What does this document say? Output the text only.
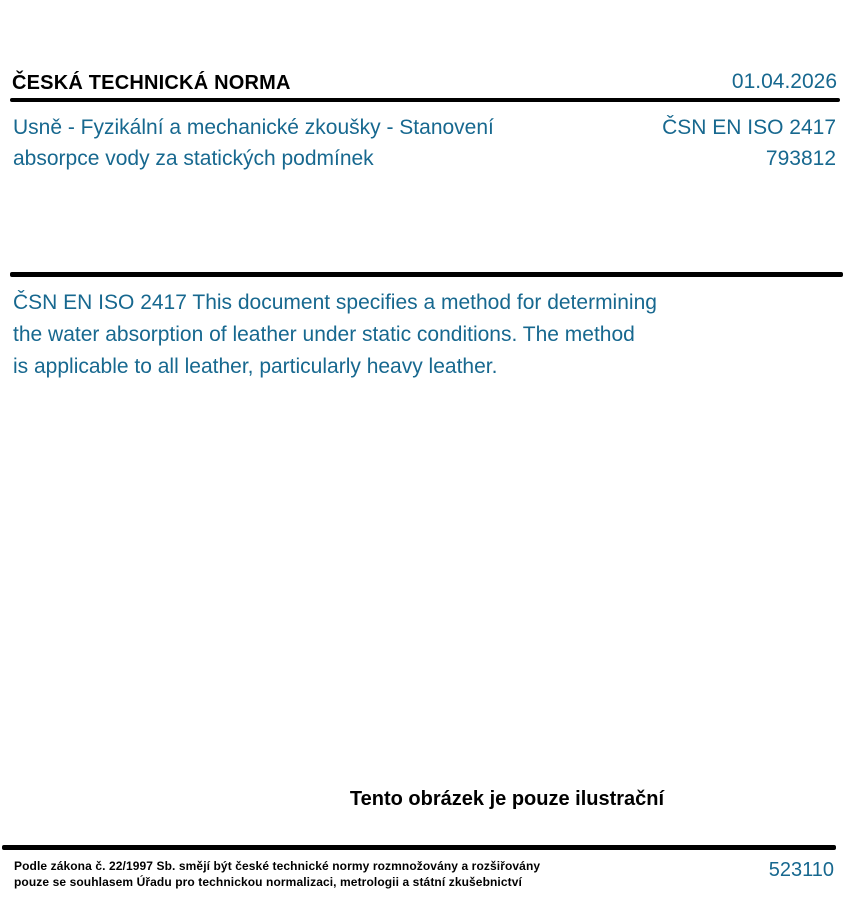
ČESKÁ TECHNICKÁ NORMA	01.04.2026
Usně - Fyzikální a mechanické zkoušky - Stanovení
absorpce vody za statických podmínek
ČSN EN ISO 2417
793812
ČSN EN ISO 2417 This document specifies a method for determining
the water absorption of leather under static conditions. The method
is applicable to all leather, particularly heavy leather.
Tento obrázek je pouze ilustrační
Podle zákona č. 22/1997 Sb. smějí být české technické normy rozmnožovány a rozšiřovány
pouze se souhlasem Úřadu pro technickou normalizaci, metrologii a státní zkušebnictví
523110
